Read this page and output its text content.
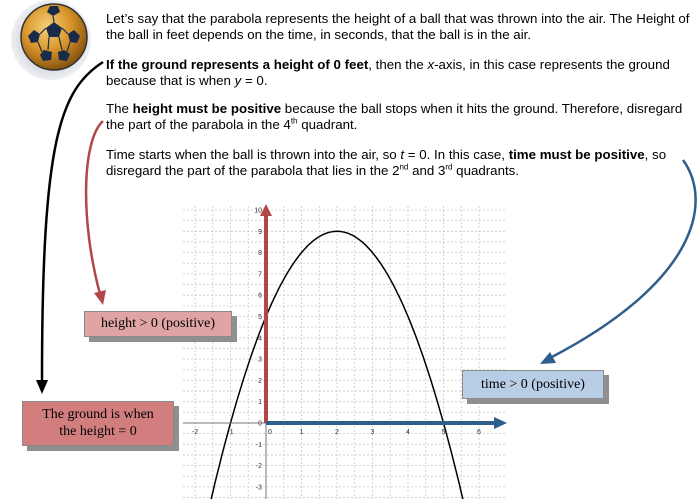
-2	-1	0	1	2	3	4	5	6
-3
-2
-1
1
2
3
4
5
6
7
8
9
10
0

Let’s say that the parabola represents the height of a ball that was thrown into the air. The Height of the ball in feet depends on the time, in seconds, that the ball is in the air.

If the ground represents a height of 0 feet, then the x-axis, in this case represents the ground because that is when y = 0.

The height must be positive because the ball stops when it hits the ground. Therefore, disregard the part of the parabola in the 4th quadrant.

Time starts when the ball is thrown into the air, so t = 0. In this case, time must be positive, so disregard the part of the parabola that lies in the 2nd and 3rd quadrants.

height > 0 (positive)
time > 0 (positive)
The ground is when
the height = 0
